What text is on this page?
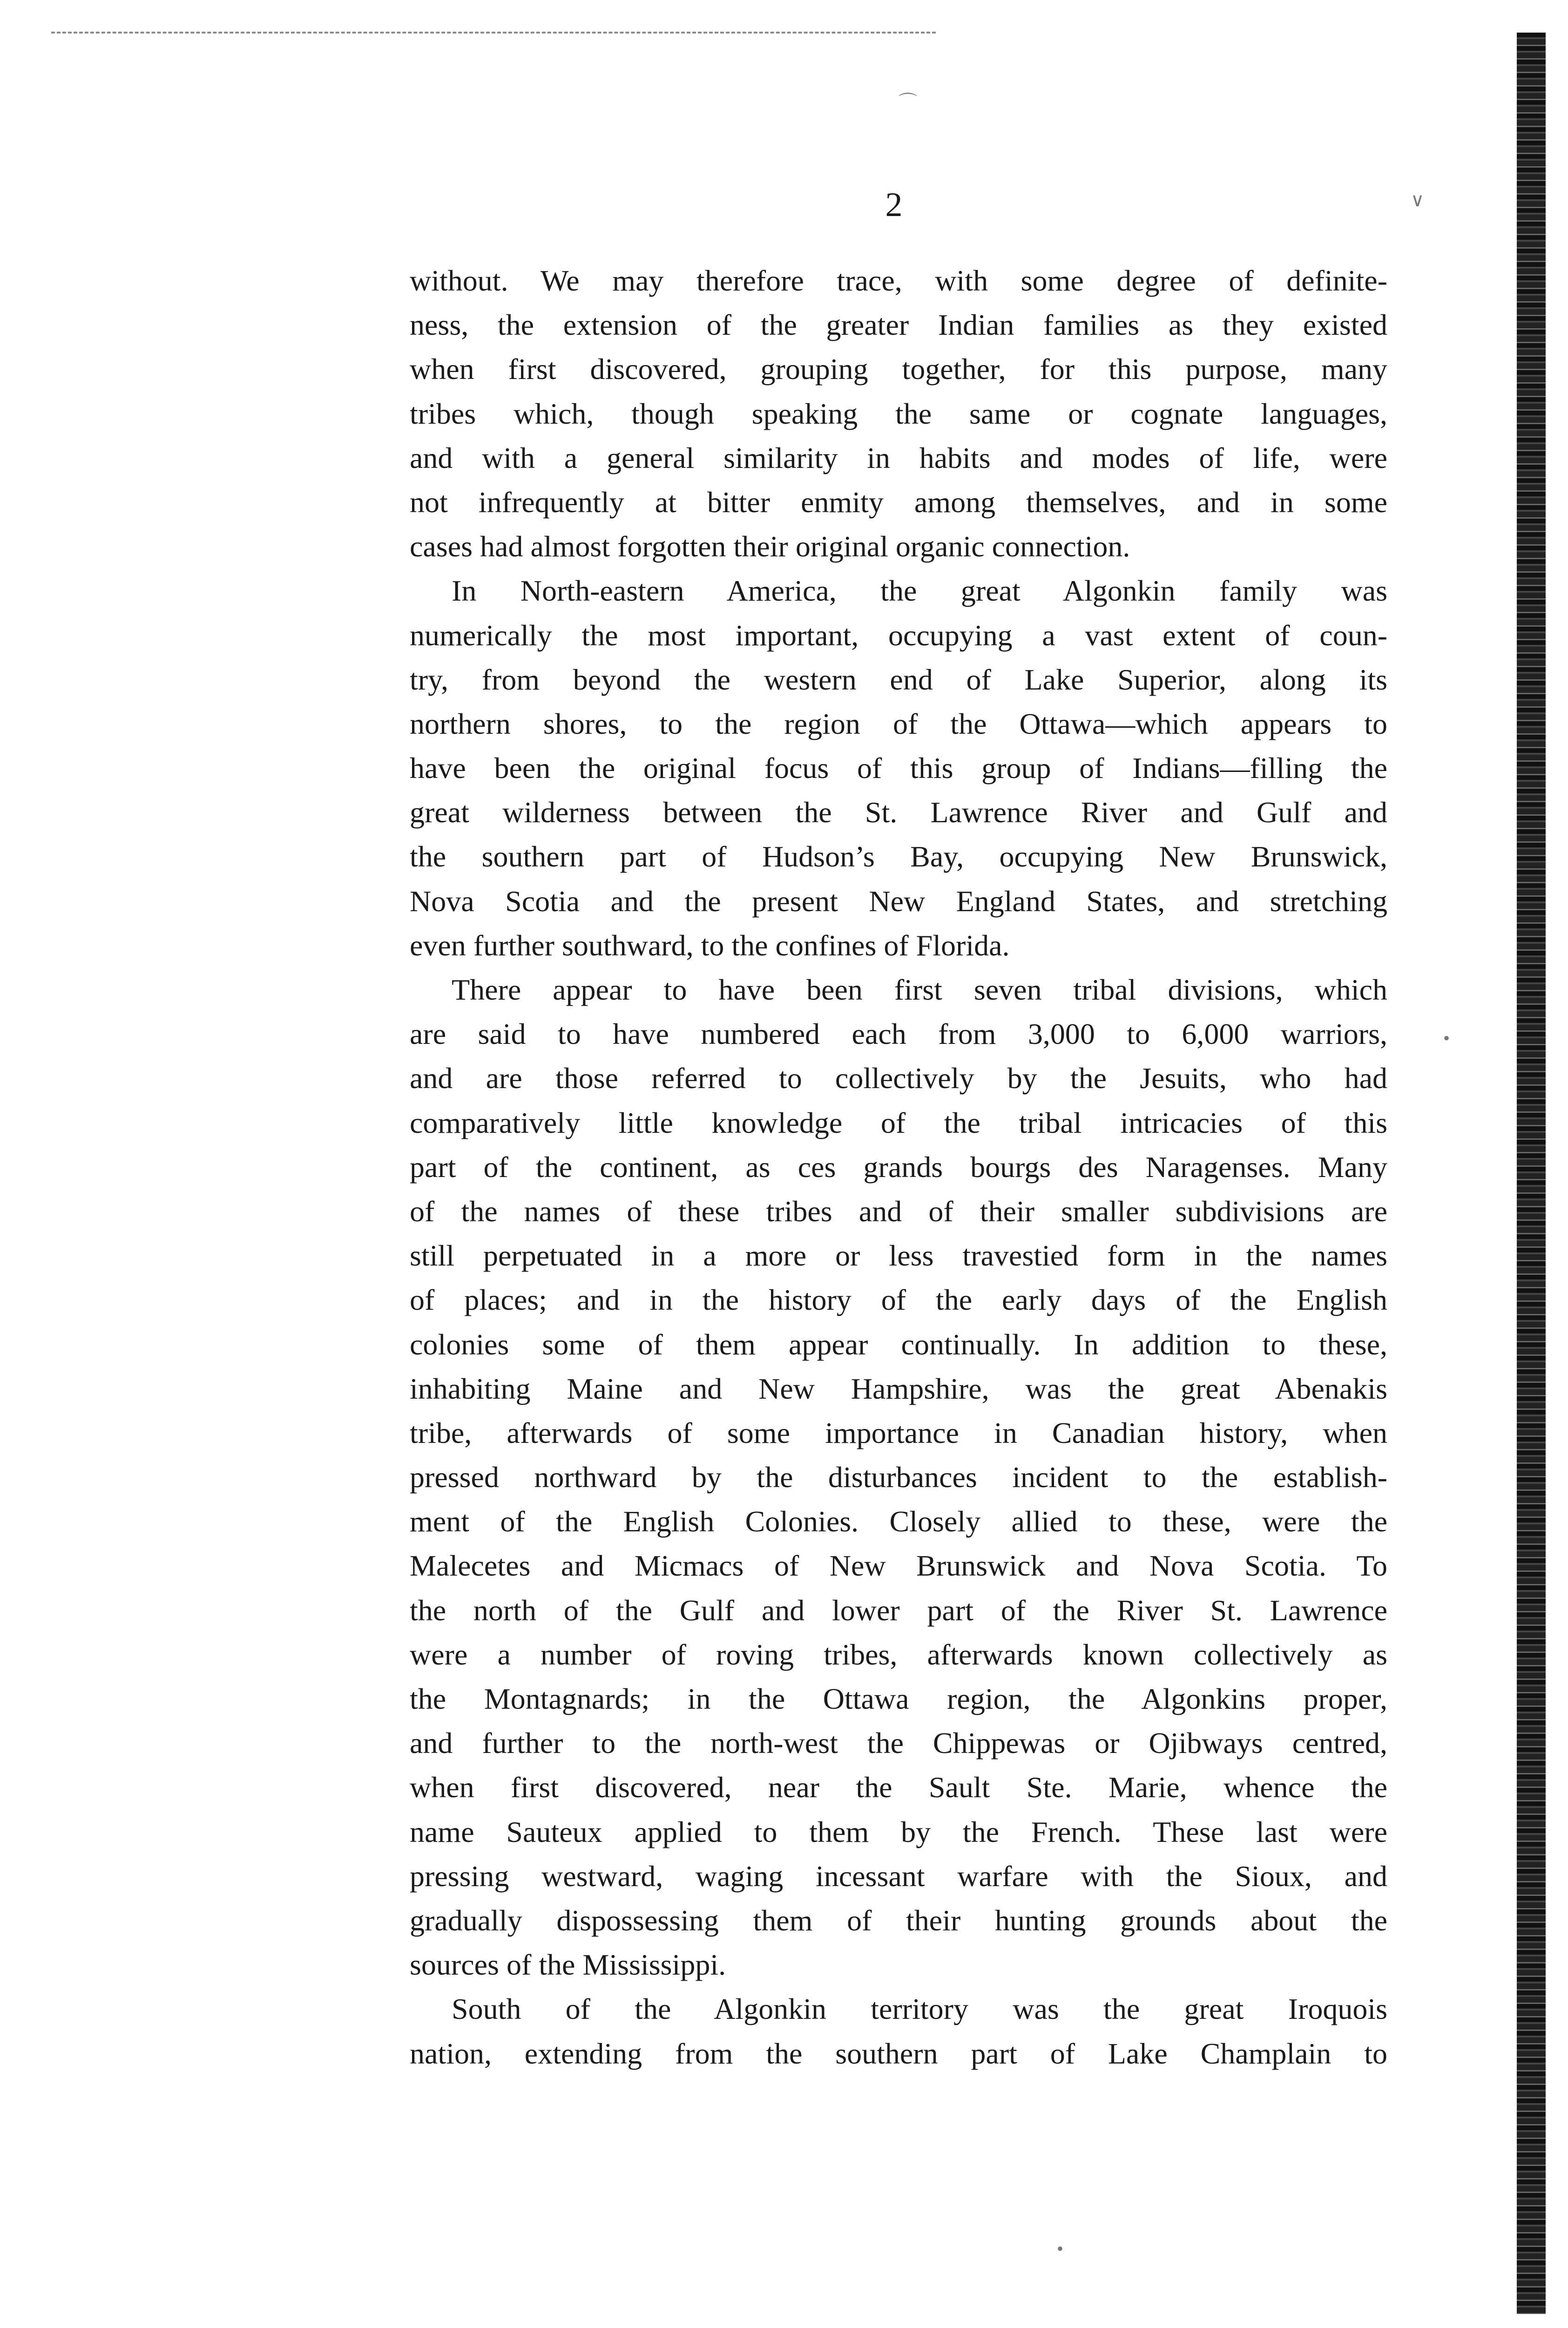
⌒
∨
•
•
2
without. We may therefore trace, with some degree of definite-
ness, the extension of the greater Indian families as they existed
when first discovered, grouping together, for this purpose, many
tribes which, though speaking the same or cognate languages,
and with a general similarity in habits and modes of life, were
not infrequently at bitter enmity among themselves, and in some
cases had almost forgotten their original organic connection.
In North-eastern America, the great Algonkin family was
numerically the most important, occupying a vast extent of coun-
try, from beyond the western end of Lake Superior, along its
northern shores, to the region of the Ottawa—which appears to
have been the original focus of this group of Indians—filling the
great wilderness between the St. Lawrence River and Gulf and
the southern part of Hudson’s Bay, occupying New Brunswick,
Nova Scotia and the present New England States, and stretching
even further southward, to the confines of Florida.
There appear to have been first seven tribal divisions, which
are said to have numbered each from 3,000 to 6,000 warriors,
and are those referred to collectively by the Jesuits, who had
comparatively little knowledge of the tribal intricacies of this
part of the continent, as ces grands bourgs des Naragenses. Many
of the names of these tribes and of their smaller subdivisions are
still perpetuated in a more or less travestied form in the names
of places; and in the history of the early days of the English
colonies some of them appear continually. In addition to these,
inhabiting Maine and New Hampshire, was the great Abenakis
tribe, afterwards of some importance in Canadian history, when
pressed northward by the disturbances incident to the establish-
ment of the English Colonies. Closely allied to these, were the
Malecetes and Micmacs of New Brunswick and Nova Scotia. To
the north of the Gulf and lower part of the River St. Lawrence
were a number of roving tribes, afterwards known collectively as
the Montagnards; in the Ottawa region, the Algonkins proper,
and further to the north-west the Chippewas or Ojibways centred,
when first discovered, near the Sault Ste. Marie, whence the
name Sauteux applied to them by the French. These last were
pressing westward, waging incessant warfare with the Sioux, and
gradually dispossessing them of their hunting grounds about the
sources of the Mississippi.
South of the Algonkin territory was the great Iroquois
nation, extending from the southern part of Lake Champlain to
